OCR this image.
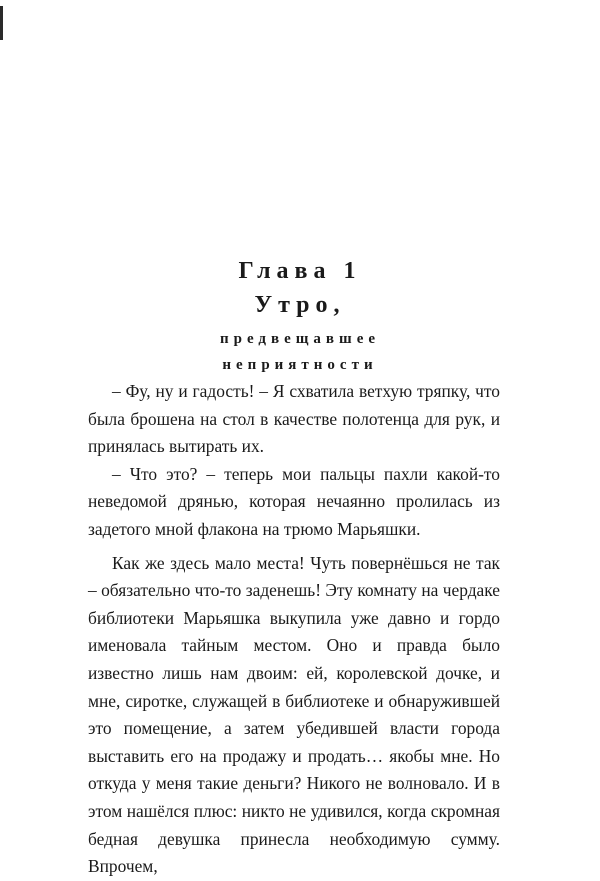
Глава 1
Утро,
предвещавшее
неприятности

– Фу, ну и гадость! – Я схватила ветхую тряпку, что была брошена на стол в качестве полотенца для рук, и принялась вытирать их.

– Что это? – теперь мои пальцы пахли какой-то неведомой дрянью, которая нечаянно пролилась из задетого мной флакона на трюмо Марьяшки.

Как же здесь мало места! Чуть повернёшься не так – обязательно что-то заденешь! Эту комнату на чердаке библиотеки Марьяшка выкупила уже давно и гордо именовала тайным местом. Оно и правда было известно лишь нам двоим: ей, королевской дочке, и мне, сиротке, служащей в библиотеке и обнаружившей это помещение, а затем убедившей власти города выставить его на продажу и продать… якобы мне. Но откуда у меня такие деньги? Никого не волновало. И в этом нашёлся плюс: никто не удивился, когда скромная бедная девушка принесла необходимую сумму. Впрочем,
